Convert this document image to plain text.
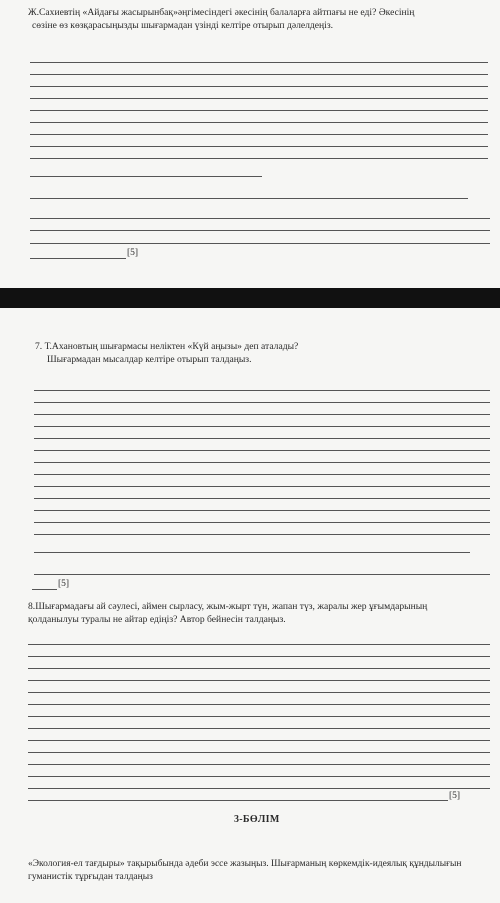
Ж.Сахиевтің «Айдағы жасырынбақ»әңгімесіндегі әкесінің балаларға айтпағы не еді? Әкесінің
сөзіне өз көзқарасыңызды шығармадан үзінді келтіре отырып дәлелдеңіз.
[5]
7. Т.Ахановтың шығармасы неліктен «Күй аңызы» деп аталады?
Шығармадан мысалдар келтіре отырып талдаңыз.
[5]
8.Шығармадағы ай сәулесі, аймен сырласу, жым-жырт түн, жапан түз, жаралы жер ұғымдарының
қолданылуы туралы не айтар едіңіз? Автор бейнесін талдаңыз.
[5]
3-БӨЛІМ
«Экология-ел тағдыры» тақырыбында әдеби эссе жазыңыз. Шығарманың көркемдік-идеялық құндылығын
гуманистік тұрғыдан талдаңыз
